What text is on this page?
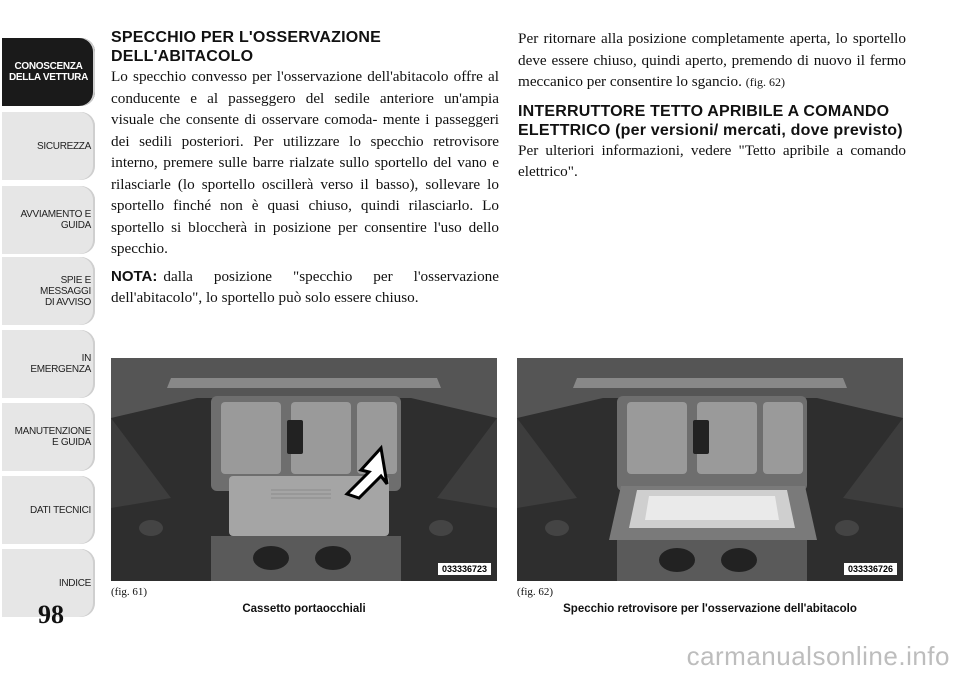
CONOSCENZA
DELLA VETTURA
SICUREZZA
AVVIAMENTO E
GUIDA
SPIE E
MESSAGGI
DI AVVISO
IN
EMERGENZA
MANUTENZIONE
E GUIDA
DATI TECNICI
INDICE
98
SPECCHIO PER L'OSSERVAZIONE DELL'ABITACOLO

Lo specchio convesso per l'osservazione dell'abitacolo offre al conducente e al passeggero del sedile anteriore un'ampia visuale che consente di osservare comoda- mente i passeggeri dei sedili posteriori. Per utilizzare lo specchio retrovisore interno, premere sulle barre rialzate sullo sportello del vano e rilasciarle (lo sportello oscillerà verso il basso), sollevare lo sportello finché non è quasi chiuso, quindi rilasciarlo. Lo sportello si bloccherà in posizione per consentire l'uso dello specchio.

NOTA: dalla posizione "specchio per l'osservazione dell'abitacolo", lo sportello può solo essere chiuso.

Per ritornare alla posizione completamente aperta, lo sportello deve essere chiuso, quindi aperto, premendo di nuovo il fermo meccanico per consentire lo sgancio. (fig. 62)

INTERRUTTORE TETTO APRIBILE A COMANDO ELETTRICO (per versioni/ mercati, dove previsto)

Per ulteriori informazioni, vedere "Tetto apribile a comando elettrico".

033336723
(fig. 61)
Cassetto portaocchiali
033336726
(fig. 62)
Specchio retrovisore per l'osservazione dell'abitacolo
carmanualsonline.info
